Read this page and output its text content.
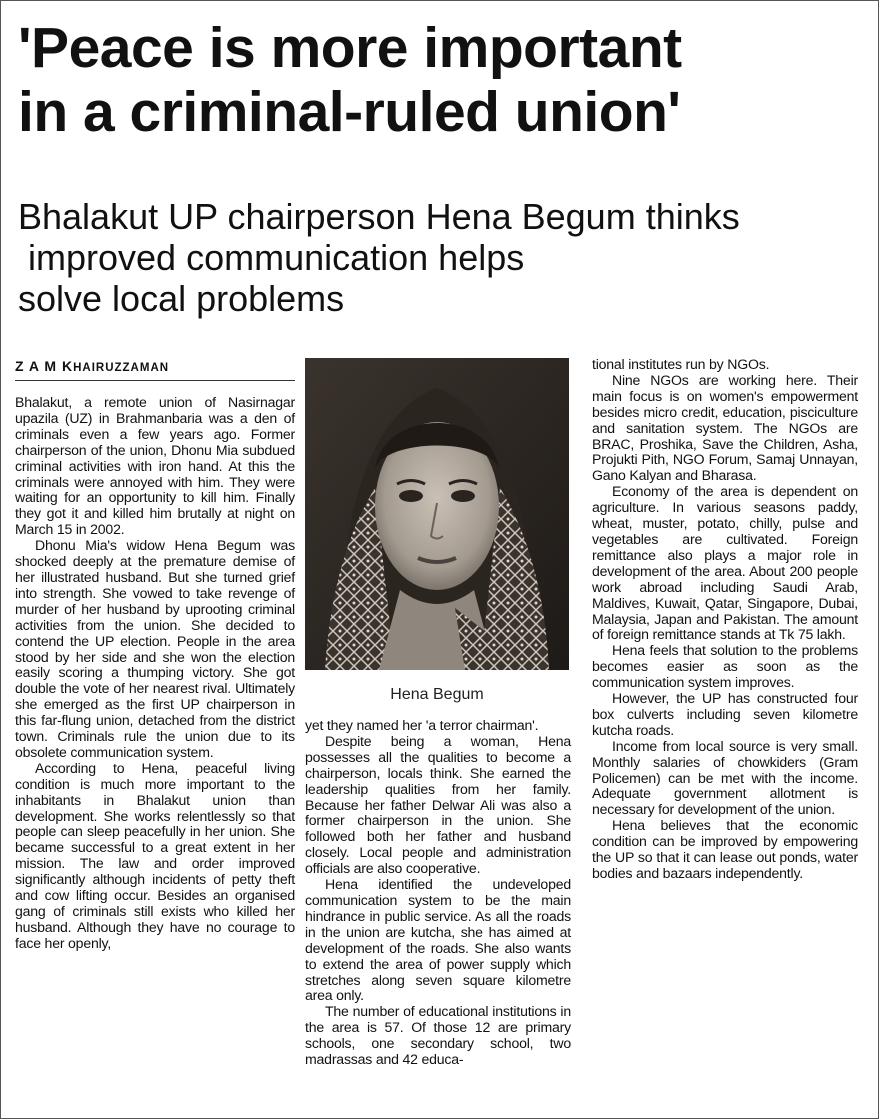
'Peace is more important
in a criminal-ruled union'
Bhalakut UP chairperson Hena Begum thinks
improved communication helps
solve local problems
Z A M KHAIRUZZAMAN

Bhalakut, a remote union of Nasirnagar upazila (UZ) in Brahmanbaria was a den of criminals even a few years ago. Former chairperson of the union, Dhonu Mia subdued criminal activities with iron hand. At this the criminals were annoyed with him. They were waiting for an opportunity to kill him. Finally they got it and killed him brutally at night on March 15 in 2002.

Dhonu Mia's widow Hena Begum was shocked deeply at the premature demise of her illustrated husband. But she turned grief into strength. She vowed to take revenge of murder of her husband by uprooting criminal activities from the union. She decided to contend the UP election. People in the area stood by her side and she won the election easily scoring a thumping victory. She got double the vote of her nearest rival. Ultimately she emerged as the first UP chairperson in this far-flung union, detached from the district town. Criminals rule the union due to its obsolete communication system.

According to Hena, peaceful living condition is much more important to the inhabitants in Bhalakut union than development. She works relentlessly so that people can sleep peacefully in her union. She became successful to a great extent in her mission. The law and order improved significantly although incidents of petty theft and cow lifting occur. Besides an organised gang of criminals still exists who killed her husband. Although they have no courage to face her openly,

Hena Begum

yet they named her 'a terror chairman'.

Despite being a woman, Hena possesses all the qualities to become a chairperson, locals think. She earned the leadership qualities from her family. Because her father Delwar Ali was also a former chairperson in the union. She followed both her father and husband closely. Local people and administration officials are also cooperative.

Hena identified the undeveloped communication system to be the main hindrance in public service. As all the roads in the union are kutcha, she has aimed at development of the roads. She also wants to extend the area of power supply which stretches along seven square kilometre area only.

The number of educational institutions in the area is 57. Of those 12 are primary schools, one secondary school, two madrassas and 42 educa-

tional institutes run by NGOs.

Nine NGOs are working here. Their main focus is on women's empowerment besides micro credit, education, pisciculture and sanitation system. The NGOs are BRAC, Proshika, Save the Children, Asha, Projukti Pith, NGO Forum, Samaj Unnayan, Gano Kalyan and Bharasa.

Economy of the area is dependent on agriculture. In various seasons paddy, wheat, muster, potato, chilly, pulse and vegetables are cultivated. Foreign remittance also plays a major role in development of the area. About 200 people work abroad including Saudi Arab, Maldives, Kuwait, Qatar, Singapore, Dubai, Malaysia, Japan and Pakistan. The amount of foreign remittance stands at Tk 75 lakh.

Hena feels that solution to the problems becomes easier as soon as the communication system improves.

However, the UP has constructed four box culverts including seven kilometre kutcha roads.

Income from local source is very small. Monthly salaries of chowkiders (Gram Policemen) can be met with the income. Adequate government allotment is necessary for development of the union.

Hena believes that the economic condition can be improved by empowering the UP so that it can lease out ponds, water bodies and bazaars independently.
